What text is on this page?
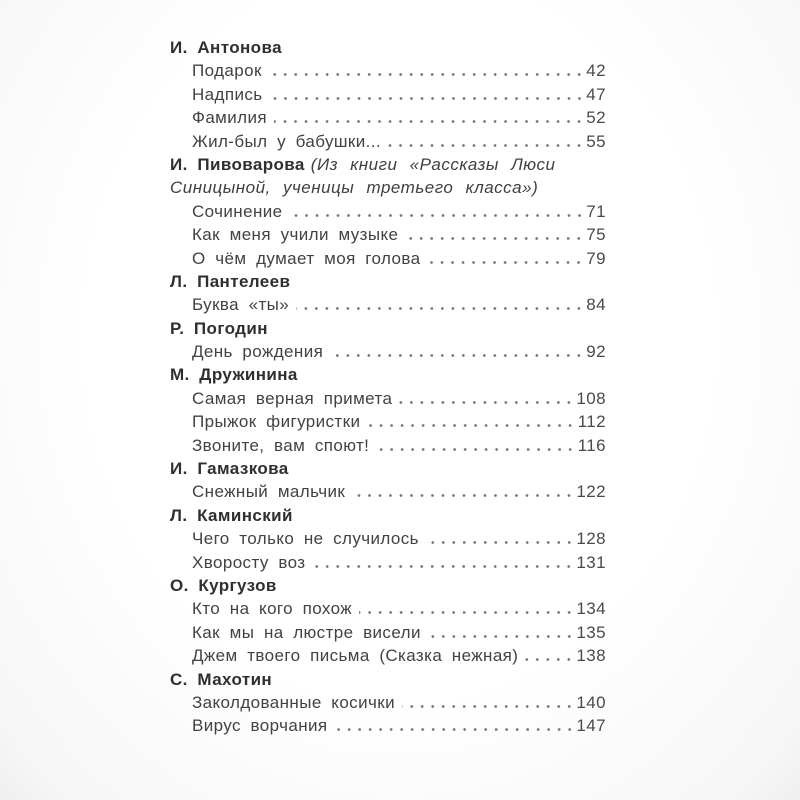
И. Антонова
Подарок	42
Надпись	47
Фамилия	52
Жил-был у бабушки...	55
И. Пивоварова (Из книги «Рассказы Люси
Синицыной, ученицы третьего класса»)
Сочинение	71
Как меня учили музыке	75
О чём думает моя голова	79
Л. Пантелеев
Буква «ты»	84
Р. Погодин
День рождения	92
М. Дружинина
Самая верная примета	108
Прыжок фигуристки	112
Звоните, вам споют!	116
И. Гамазкова
Снежный мальчик	122
Л. Каминский
Чего только не случилось	128
Хворосту воз	131
О. Кургузов
Кто на кого похож	134
Как мы на люстре висели	135
Джем твоего письма (Сказка нежная)	138
С. Махотин
Заколдованные косички	140
Вирус ворчания	147
